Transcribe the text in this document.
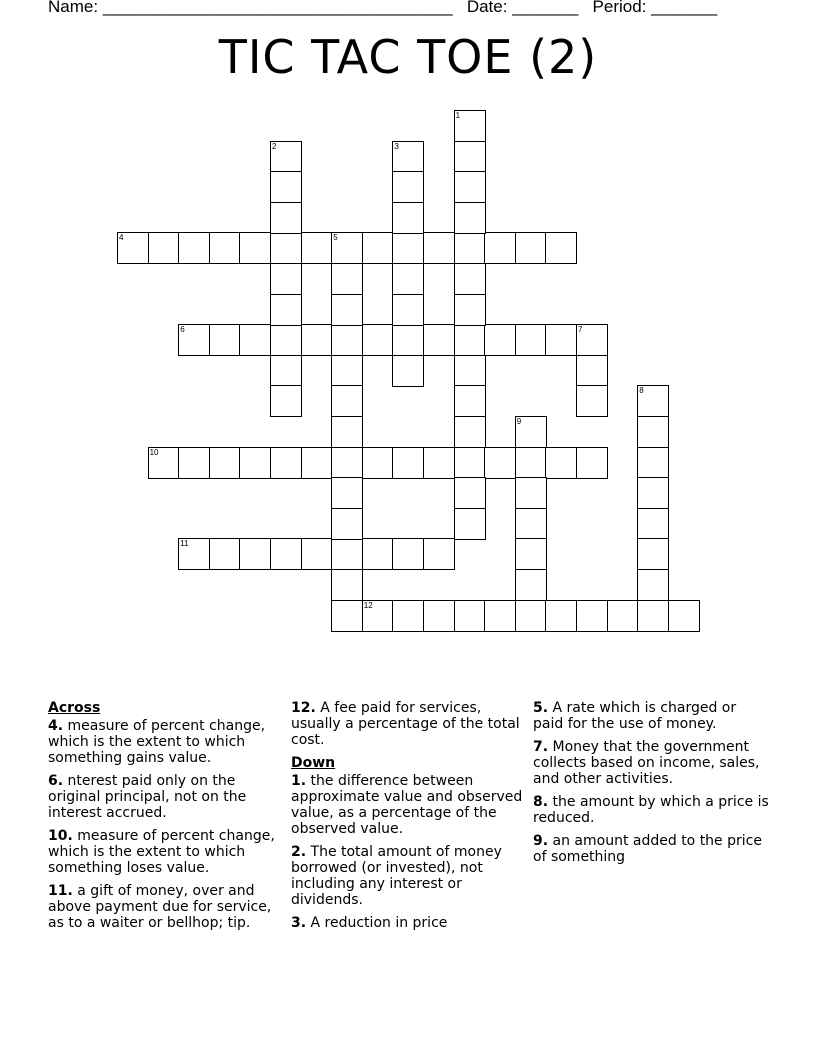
Name: _____________________________________ Date: _______ Period: _______
TIC TAC TOE (2)
4	5
6	7
10
11
12
1
2	3
8
9
Across
4. measure of percent change, which is the extent to which something gains value.
6. nterest paid only on the original principal, not on the interest accrued.
10. measure of percent change, which is the extent to which something loses value.
11. a gift of money, over and above payment due for service, as to a waiter or bellhop; tip.
12. A fee paid for services, usually a percentage of the total cost.
Down
1. the difference between approximate value and observed value, as a percentage of the observed value.
2. The total amount of money borrowed (or invested), not including any interest or dividends.
3. A reduction in price
5. A rate which is charged or paid for the use of money.
7. Money that the government collects based on income, sales, and other activities.
8. the amount by which a price is reduced.
9. an amount added to the price of something
